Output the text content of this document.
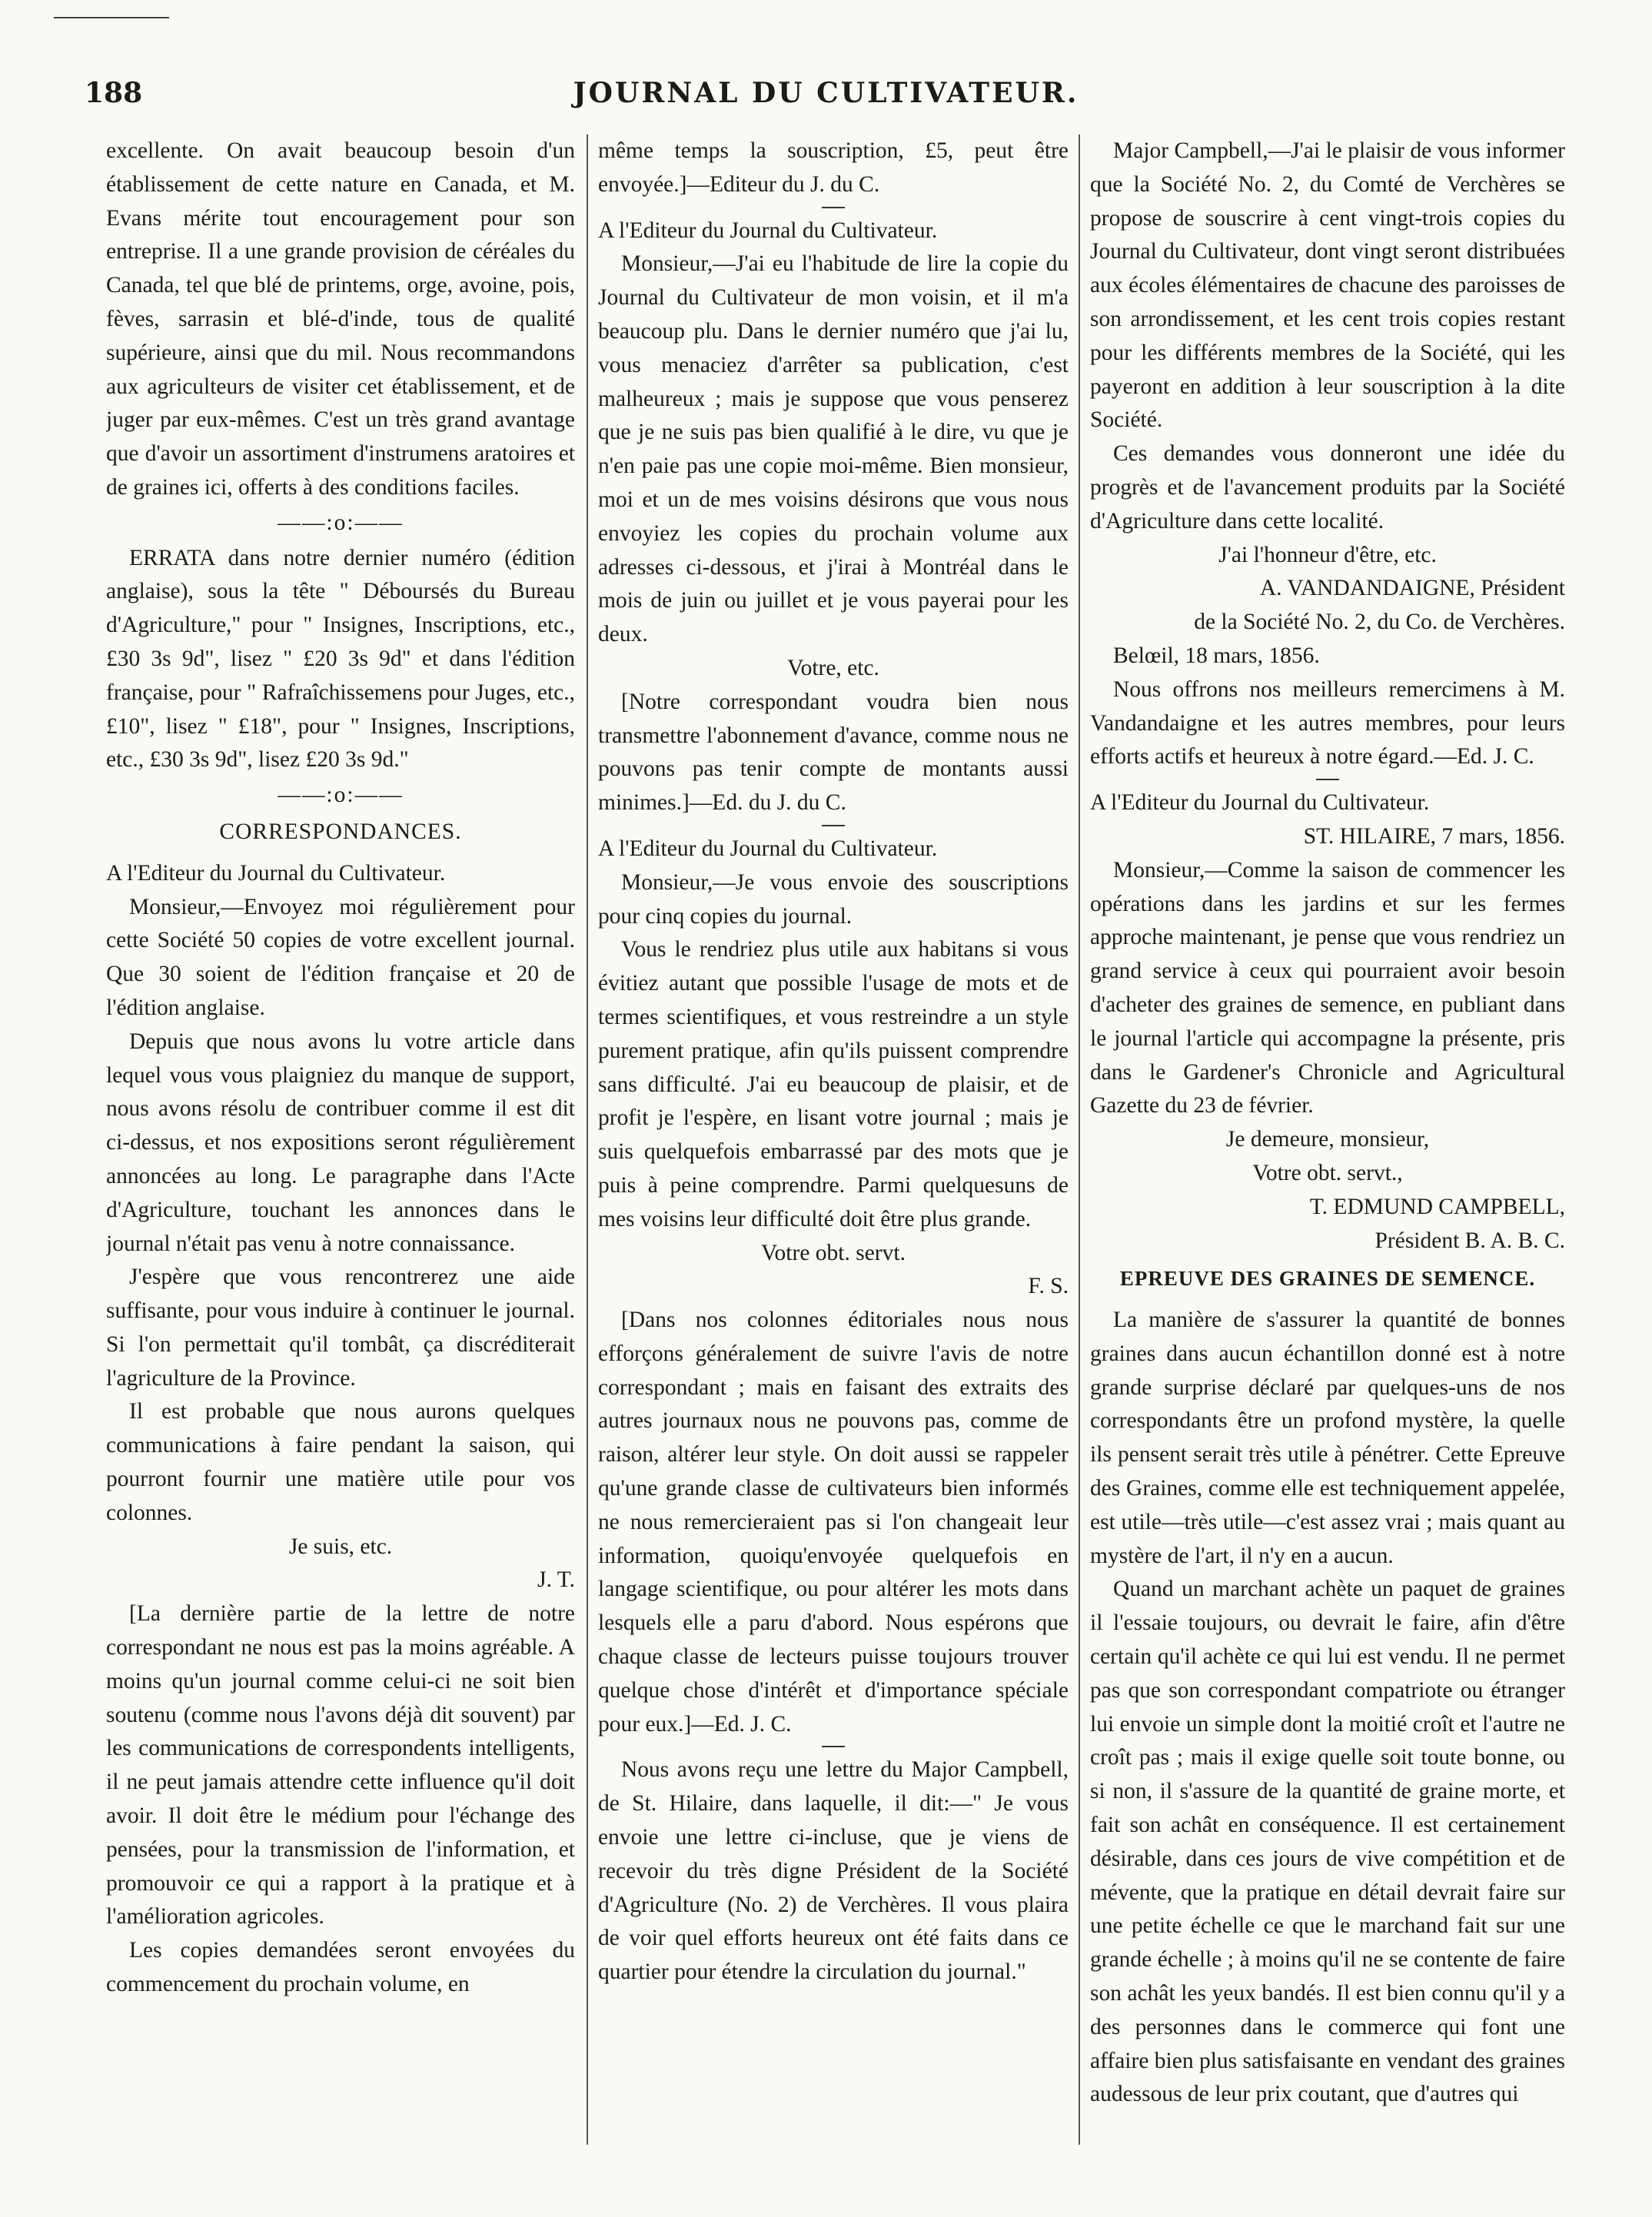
188	JOURNAL DU CULTIVATEUR.

excellente. On avait beaucoup besoin d'un établissement de cette nature en Canada, et M. Evans mérite tout encouragement pour son entreprise. Il a une grande provision de céréales du Canada, tel que blé de printems, orge, avoine, pois, fèves, sarrasin et blé-d'inde, tous de qualité supérieure, ainsi que du mil. Nous recommandons aux agriculteurs de visiter cet établissement, et de juger par eux-mêmes. C'est un très grand avantage que d'avoir un assortiment d'instrumens aratoires et de graines ici, offerts à des conditions faciles.

——:o:——

ERRATA dans notre dernier numéro (édition anglaise), sous la tête " Déboursés du Bureau d'Agriculture," pour " Insignes, Inscriptions, etc., £30 3s 9d", lisez " £20 3s 9d" et dans l'édition française, pour " Rafraîchissemens pour Juges, etc., £10", lisez " £18", pour " Insignes, Inscriptions, etc., £30 3s 9d", lisez £20 3s 9d."

——:o:——
CORRESPONDANCES.

A l'Editeur du Journal du Cultivateur.

Monsieur,—Envoyez moi régulièrement pour cette Société 50 copies de votre excellent journal. Que 30 soient de l'édition française et 20 de l'édition anglaise.

Depuis que nous avons lu votre article dans lequel vous vous plaigniez du manque de support, nous avons résolu de contribuer comme il est dit ci-dessus, et nos expositions seront régulièrement annoncées au long. Le paragraphe dans l'Acte d'Agriculture, touchant les annonces dans le journal n'était pas venu à notre connaissance.

J'espère que vous rencontrerez une aide suffisante, pour vous induire à continuer le journal. Si l'on permettait qu'il tombât, ça discréditerait l'agriculture de la Province.

Il est probable que nous aurons quelques communications à faire pendant la saison, qui pourront fournir une matière utile pour vos colonnes.

Je suis, etc.

J. T.

[La dernière partie de la lettre de notre correspondant ne nous est pas la moins agréable. A moins qu'un journal comme celui-ci ne soit bien soutenu (comme nous l'avons déjà dit souvent) par les communications de correspondents intelligents, il ne peut jamais attendre cette influence qu'il doit avoir. Il doit être le médium pour l'échange des pensées, pour la transmission de l'information, et promouvoir ce qui a rapport à la pratique et à l'amélioration agricoles.

Les copies demandées seront envoyées du commencement du prochain volume, en

même temps la souscription, £5, peut être envoyée.]—Editeur du J. du C.

A l'Editeur du Journal du Cultivateur.

Monsieur,—J'ai eu l'habitude de lire la copie du Journal du Cultivateur de mon voisin, et il m'a beaucoup plu. Dans le dernier numéro que j'ai lu, vous menaciez d'arrêter sa publication, c'est malheureux ; mais je suppose que vous penserez que je ne suis pas bien qualifié à le dire, vu que je n'en paie pas une copie moi-même. Bien monsieur, moi et un de mes voisins désirons que vous nous envoyiez les copies du prochain volume aux adresses ci-dessous, et j'irai à Montréal dans le mois de juin ou juillet et je vous payerai pour les deux.

Votre, etc.

[Notre correspondant voudra bien nous transmettre l'abonnement d'avance, comme nous ne pouvons pas tenir compte de montants aussi minimes.]—Ed. du J. du C.

A l'Editeur du Journal du Cultivateur.

Monsieur,—Je vous envoie des souscriptions pour cinq copies du journal.

Vous le rendriez plus utile aux habitans si vous évitiez autant que possible l'usage de mots et de termes scientifiques, et vous restreindre a un style purement pratique, afin qu'ils puissent comprendre sans difficulté. J'ai eu beaucoup de plaisir, et de profit je l'espère, en lisant votre journal ; mais je suis quelquefois embarrassé par des mots que je puis à peine comprendre. Parmi quelquesuns de mes voisins leur difficulté doit être plus grande.

Votre obt. servt.

F. S.

[Dans nos colonnes éditoriales nous nous efforçons généralement de suivre l'avis de notre correspondant ; mais en faisant des extraits des autres journaux nous ne pouvons pas, comme de raison, altérer leur style. On doit aussi se rappeler qu'une grande classe de cultivateurs bien informés ne nous remercieraient pas si l'on changeait leur information, quoiqu'envoyée quelquefois en langage scientifique, ou pour altérer les mots dans lesquels elle a paru d'abord. Nous espérons que chaque classe de lecteurs puisse toujours trouver quelque chose d'intérêt et d'importance spéciale pour eux.]—Ed. J. C.

Nous avons reçu une lettre du Major Campbell, de St. Hilaire, dans laquelle, il dit:—" Je vous envoie une lettre ci-incluse, que je viens de recevoir du très digne Président de la Société d'Agriculture (No. 2) de Verchères. Il vous plaira de voir quel efforts heureux ont été faits dans ce quartier pour étendre la circulation du journal."

Major Campbell,—J'ai le plaisir de vous informer que la Société No. 2, du Comté de Verchères se propose de souscrire à cent vingt-trois copies du Journal du Cultivateur, dont vingt seront distribuées aux écoles élémentaires de chacune des paroisses de son arrondissement, et les cent trois copies restant pour les différents membres de la Société, qui les payeront en addition à leur souscription à la dite Société.

Ces demandes vous donneront une idée du progrès et de l'avancement produits par la Société d'Agriculture dans cette localité.

J'ai l'honneur d'être, etc.

A. VANDANDAIGNE, Président

de la Société No. 2, du Co. de Verchères.

Belœil, 18 mars, 1856.

Nous offrons nos meilleurs remercimens à M. Vandandaigne et les autres membres, pour leurs efforts actifs et heureux à notre égard.—Ed. J. C.

A l'Editeur du Journal du Cultivateur.

ST. HILAIRE, 7 mars, 1856.

Monsieur,—Comme la saison de commencer les opérations dans les jardins et sur les fermes approche maintenant, je pense que vous rendriez un grand service à ceux qui pourraient avoir besoin d'acheter des graines de semence, en publiant dans le journal l'article qui accompagne la présente, pris dans le Gardener's Chronicle and Agricultural Gazette du 23 de février.

Je demeure, monsieur,

Votre obt. servt.,

T. EDMUND CAMPBELL,

Président B. A. B. C.

EPREUVE DES GRAINES DE SEMENCE.

La manière de s'assurer la quantité de bonnes graines dans aucun échantillon donné est à notre grande surprise déclaré par quelques-uns de nos correspondants être un profond mystère, la quelle ils pensent serait très utile à pénétrer. Cette Epreuve des Graines, comme elle est techniquement appelée, est utile—très utile—c'est assez vrai ; mais quant au mystère de l'art, il n'y en a aucun.

Quand un marchant achète un paquet de graines il l'essaie toujours, ou devrait le faire, afin d'être certain qu'il achète ce qui lui est vendu. Il ne permet pas que son correspondant compatriote ou étranger lui envoie un simple dont la moitié croît et l'autre ne croît pas ; mais il exige quelle soit toute bonne, ou si non, il s'assure de la quantité de graine morte, et fait son achât en conséquence. Il est certainement désirable, dans ces jours de vive compétition et de mévente, que la pratique en détail devrait faire sur une petite échelle ce que le marchand fait sur une grande échelle ; à moins qu'il ne se contente de faire son achât les yeux bandés. Il est bien connu qu'il y a des personnes dans le commerce qui font une affaire bien plus satisfaisante en vendant des graines audessous de leur prix coutant, que d'autres qui
